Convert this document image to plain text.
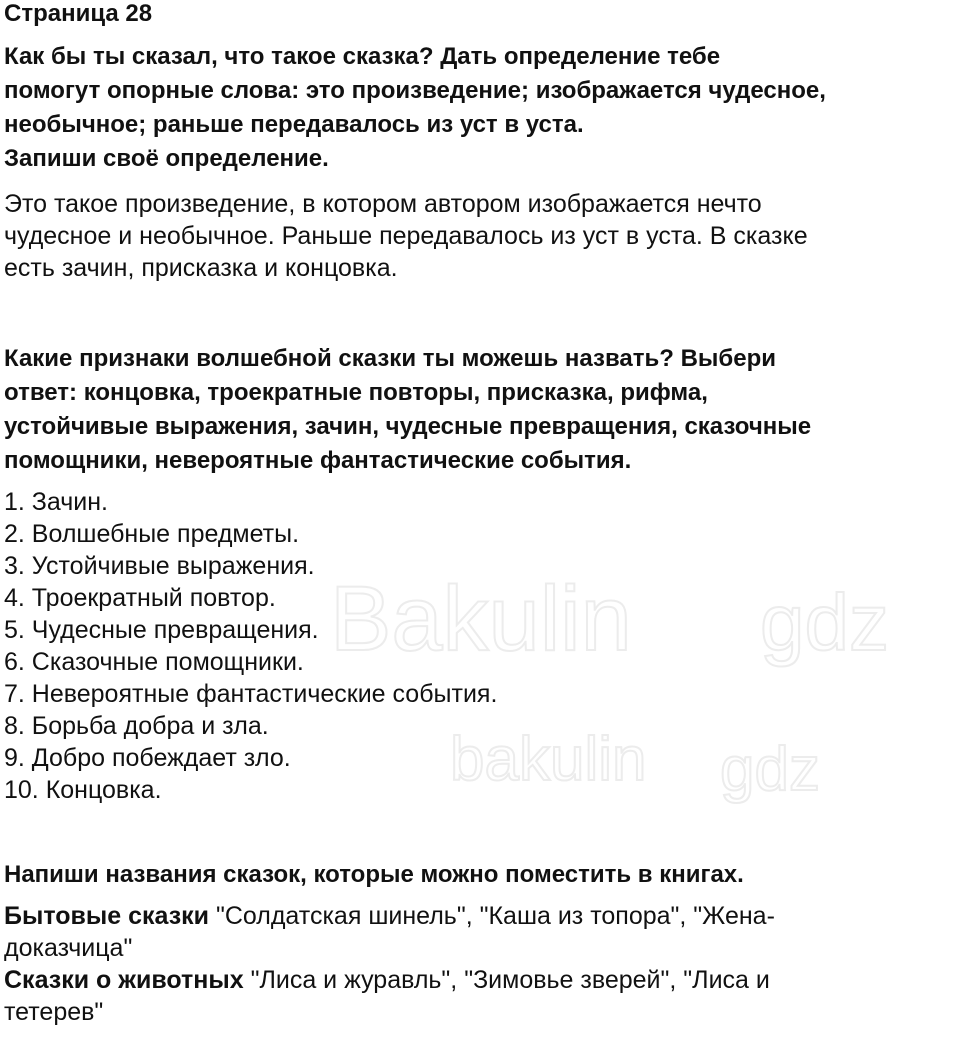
Bakulin gdz
bakulin gdz
Страница 28

Как бы ты сказал, что такое сказка? Дать определение тебе

помогут опорные слова: это произведение; изображается чудесное,

необычное; раньше передавалось из уст в уста.

Запиши своё определение.

Это такое произведение, в котором автором изображается нечто

чудесное и необычное. Раньше передавалось из уст в уста. В сказке

есть зачин, присказка и концовка.

Какие признаки волшебной сказки ты можешь назвать? Выбери

ответ: концовка, троекратные повторы, присказка, рифма,

устойчивые выражения, зачин, чудесные превращения, сказочные

помощники, невероятные фантастические события.

1. Зачин.
2. Волшебные предметы.
3. Устойчивые выражения.
4. Троекратный повтор.
5. Чудесные превращения.
6. Сказочные помощники.
7. Невероятные фантастические события.
8. Борьба добра и зла.
9. Добро побеждает зло.
10. Концовка.

Напиши названия сказок, которые можно поместить в книгах.

Бытовые сказки "Солдатская шинель", "Каша из топора", "Жена-

доказчица"

Сказки о животных "Лиса и журавль", "Зимовье зверей", "Лиса и

тетерев"
